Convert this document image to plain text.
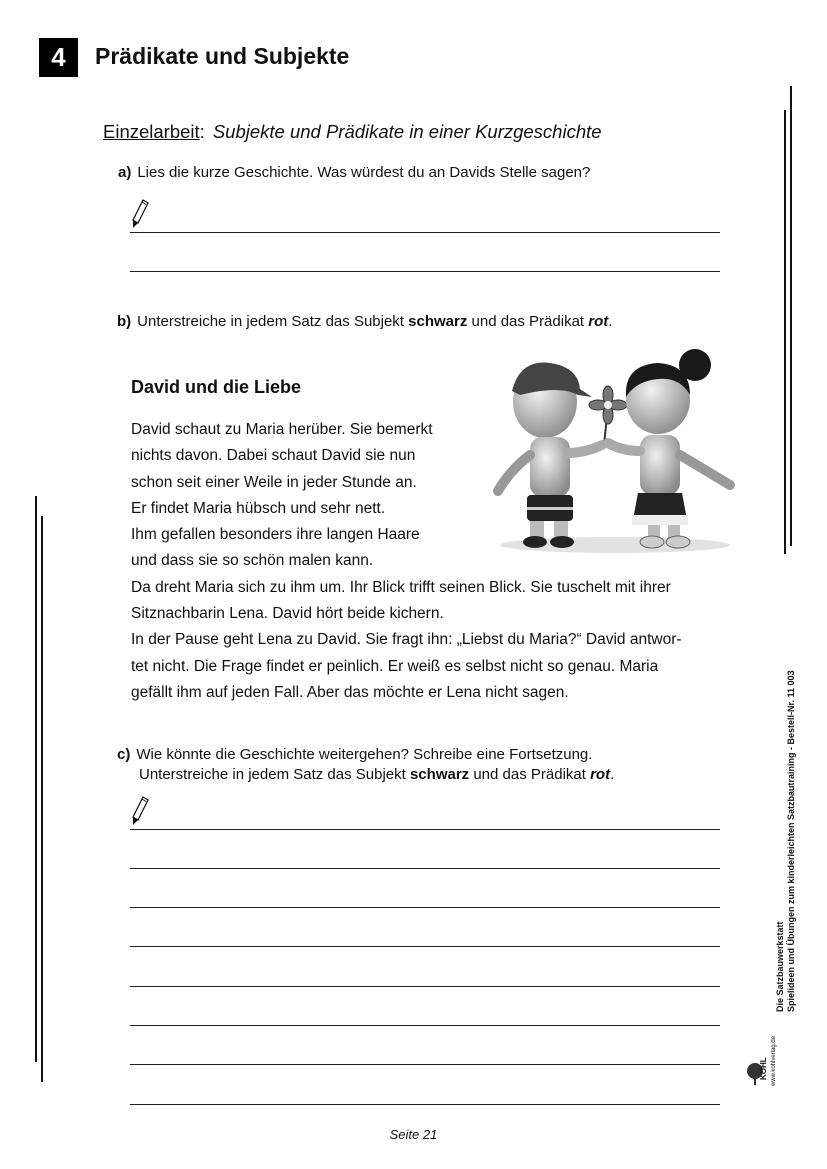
4	Prädikate und Subjekte
Einzelarbeit: Subjekte und Prädikate in einer Kurzgeschichte
a) Lies die kurze Geschichte. Was würdest du an Davids Stelle sagen?
b) Unterstreiche in jedem Satz das Subjekt schwarz und das Prädikat rot.
David und die Liebe

David schaut zu Maria herüber. Sie bemerkt

nichts davon. Dabei schaut David sie nun

schon seit einer Weile in jeder Stunde an.

Er findet Maria hübsch und sehr nett.

Ihm gefallen besonders ihre langen Haare

und dass sie so schön malen kann.

Da dreht Maria sich zu ihm um. Ihr Blick trifft seinen Blick. Sie tuschelt mit ihrer

Sitznachbarin Lena. David hört beide kichern.

In der Pause geht Lena zu David. Sie fragt ihn: „Liebst du Maria?“ David antwor-

tet nicht. Die Frage findet er peinlich. Er weiß es selbst nicht so genau. Maria

gefällt ihm auf jeden Fall. Aber das möchte er Lena nicht sagen.

c) Wie könnte die Geschichte weitergehen? Schreibe eine Fortsetzung.
Unterstreiche in jedem Satz das Subjekt schwarz und das Prädikat rot.
Die Satzbauwerkstatt Spielideen und Übungen zum kinderleichten Satzbautraining - Bestell-Nr. 11 003
KOHL www.kohlverlag.de
Seite 21
